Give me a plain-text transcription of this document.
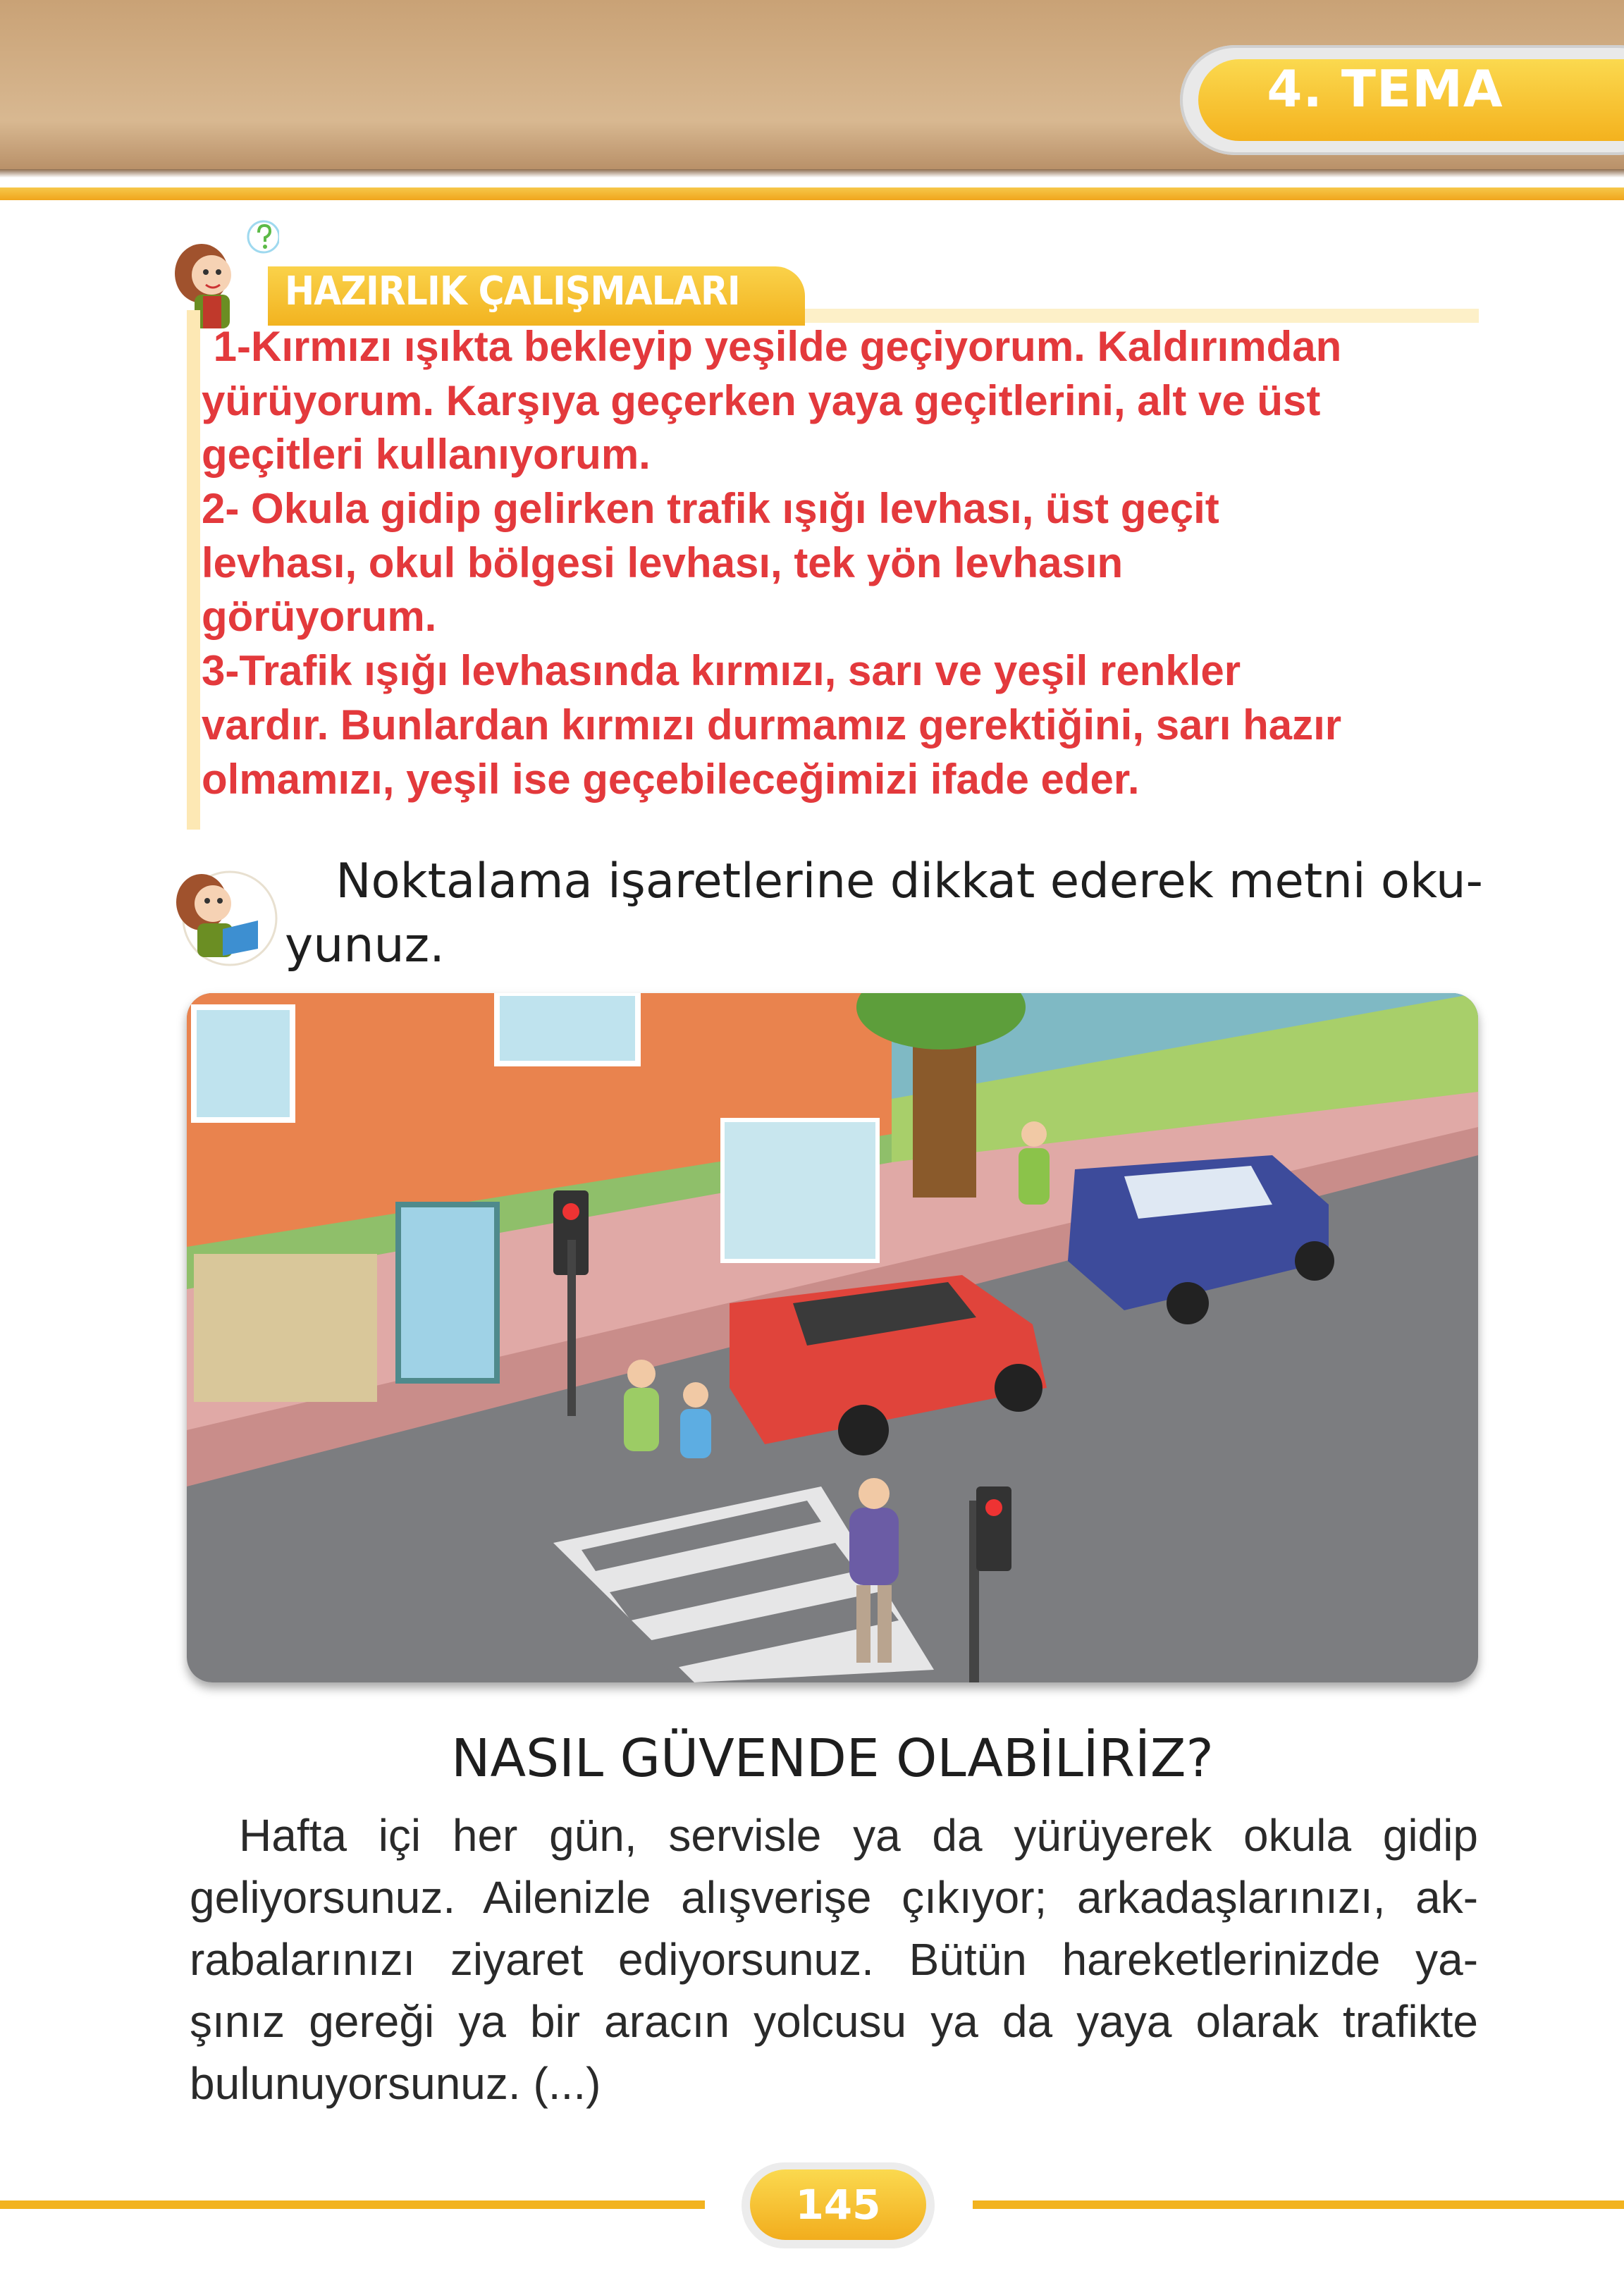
4. TEMA
HAZIRLIK ÇALIŞMALARI
1-Kırmızı ışıkta bekleyip yeşilde geçiyorum. Kaldırımdan
yürüyorum. Karşıya geçerken yaya geçitlerini, alt ve üst
geçitleri kullanıyorum.
2- Okula gidip gelirken trafik ışığı levhası, üst geçit
levhası, okul bölgesi levhası, tek yön levhasın
görüyorum.
3-Trafik ışığı levhasında kırmızı, sarı ve yeşil renkler
vardır. Bunlardan kırmızı durmamız gerektiğini, sarı hazır
olmamızı, yeşil ise geçebileceğimizi ifade eder.
Noktalama işaretlerine dikkat ederek metni oku-
yunuz.
NASIL GÜVENDE OLABİLİRİZ?
Hafta içi her gün, servisle ya da yürüyerek okula gidip
geliyorsunuz. Ailenizle alışverişe çıkıyor; arkadaşlarınızı, ak-
rabalarınızı ziyaret ediyorsunuz. Bütün hareketlerinizde ya-
şınız gereği ya bir aracın yolcusu ya da yaya olarak trafikte
bulunuyorsunuz. (...)
145
